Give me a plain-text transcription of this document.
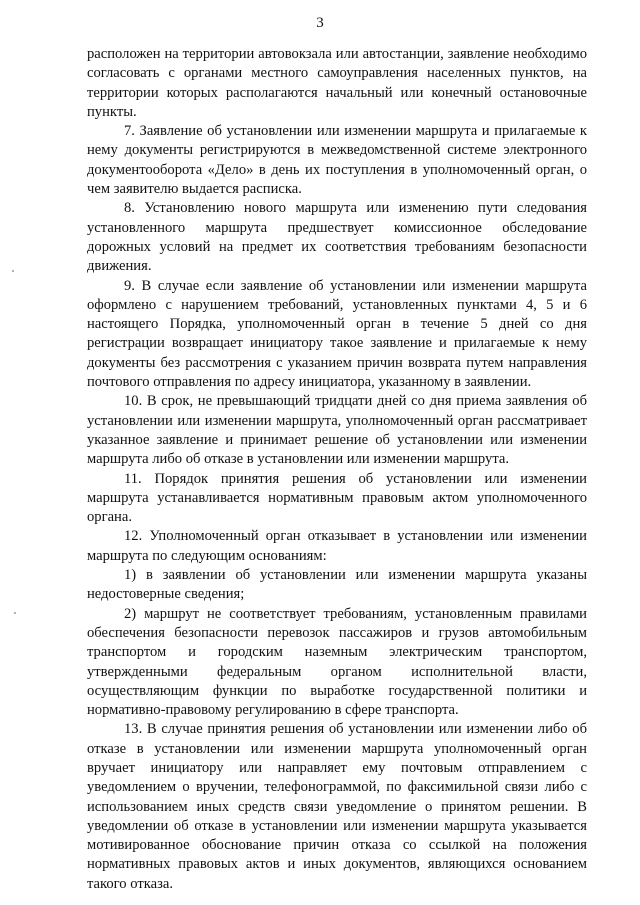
3

расположен на территории автовокзала или автостанции, заявление необходимо согласовать с органами местного самоуправления населенных пунктов, на территории которых располагаются начальный или конечный остановочные пункты.

7. Заявление об установлении или изменении маршрута и прилагаемые к нему документы регистрируются в межведомственной системе электронного документооборота «Дело» в день их поступления в уполномоченный орган, о чем заявителю выдается расписка.

8. Установлению нового маршрута или изменению пути следования установленного маршрута предшествует комиссионное обследование дорожных условий на предмет их соответствия требованиям безопасности движения.

9. В случае если заявление об установлении или изменении маршрута оформлено с нарушением требований, установленных пунктами 4, 5 и 6 настоящего Порядка, уполномоченный орган в течение 5 дней со дня регистрации возвращает инициатору такое заявление и прилагаемые к нему документы без рассмотрения с указанием причин возврата путем направления почтового отправления по адресу инициатора, указанному в заявлении.

10. В срок, не превышающий тридцати дней со дня приема заявления об установлении или изменении маршрута, уполномоченный орган рассматривает указанное заявление и принимает решение об установлении или изменении маршрута либо об отказе в установлении или изменении маршрута.

11. Порядок принятия решения об установлении или изменении маршрута устанавливается нормативным правовым актом уполномоченного органа.

12. Уполномоченный орган отказывает в установлении или изменении маршрута по следующим основаниям:

1) в заявлении об установлении или изменении маршрута указаны недостоверные сведения;

2) маршрут не соответствует требованиям, установленным правилами обеспечения безопасности перевозок пассажиров и грузов автомобильным транспортом и городским наземным электрическим транспортом, утвержденными федеральным органом исполнительной власти, осуществляющим функции по выработке государственной политики и нормативно-правовому регулированию в сфере транспорта.

13. В случае принятия решения об установлении или изменении либо об отказе в установлении или изменении маршрута уполномоченный орган вручает инициатору или направляет ему почтовым отправлением с уведомлением о вручении, телефонограммой, по факсимильной связи либо с использованием иных средств связи уведомление о принятом решении. В уведомлении об отказе в установлении или изменении маршрута указывается мотивированное обоснование причин отказа со ссылкой на положения нормативных правовых актов и иных документов, являющихся основанием такого отказа.
